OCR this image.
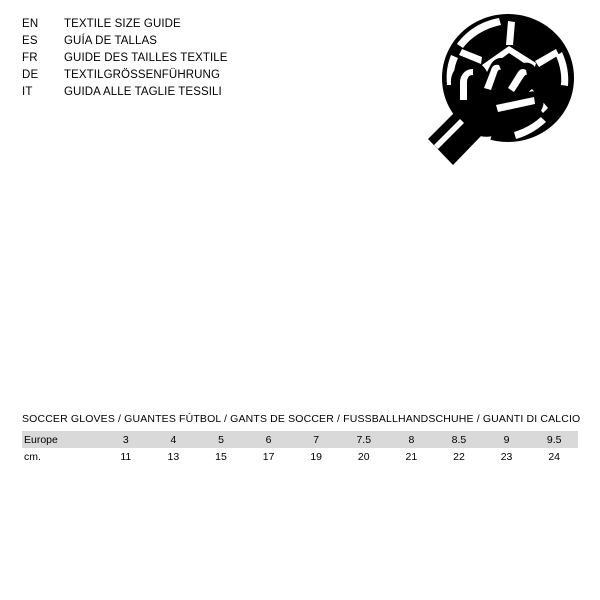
EN	TEXTILE SIZE GUIDE
ES	GUÍA DE TALLAS
FR	GUIDE DES TAILLES TEXTILE
DE	TEXTILGRÖSSENFÜHRUNG
IT	GUIDA ALLE TAGLIE TESSILI
SOCCER GLOVES / GUANTES FÚTBOL / GANTS DE SOCCER / FUSSBALLHANDSCHUHE / GUANTI DI CALCIO
Europe	3	4	5	6	7	7.5	8	8.5	9	9.5
cm.	11	13	15	17	19	20	21	22	23	24
